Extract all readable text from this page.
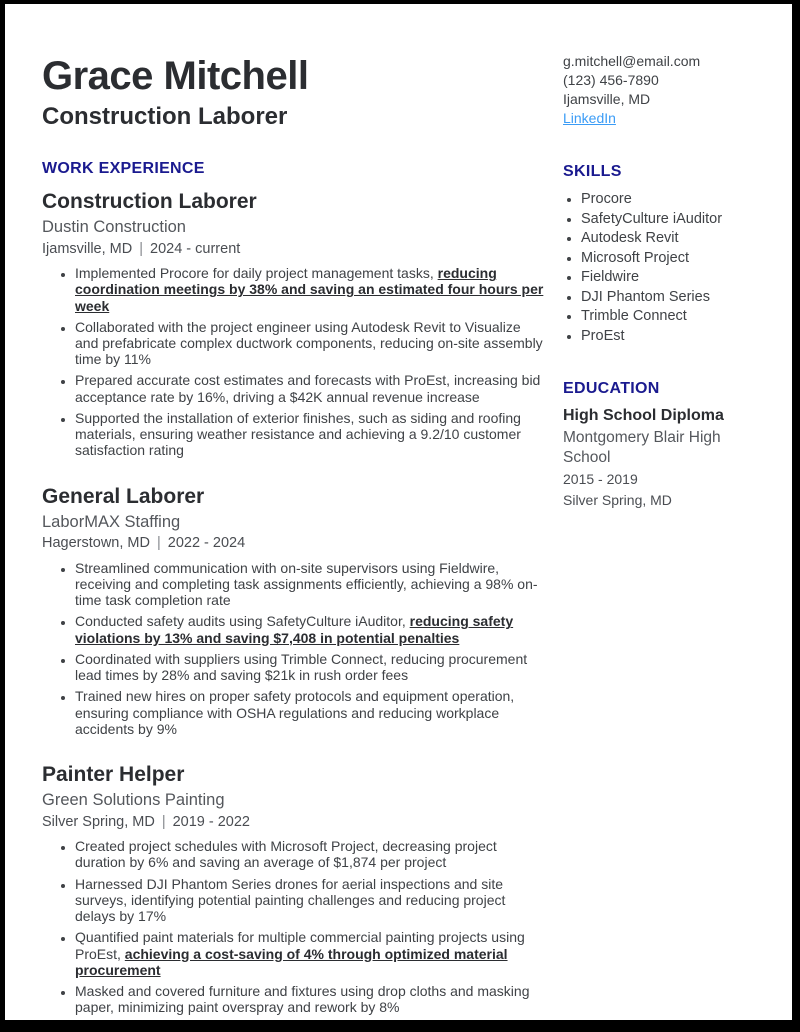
Grace Mitchell
Construction Laborer
WORK EXPERIENCE
Construction Laborer
Dustin Construction
Ijamsville, MD | 2024 - current
• Implemented Procore for daily project management tasks, reducing coordination meetings by 38% and saving an estimated four hours per week
• Collaborated with the project engineer using Autodesk Revit to Visualize and prefabricate complex ductwork components, reducing on-site assembly time by 11%
• Prepared accurate cost estimates and forecasts with ProEst, increasing bid acceptance rate by 16%, driving a $42K annual revenue increase
• Supported the installation of exterior finishes, such as siding and roofing materials, ensuring weather resistance and achieving a 9.2/10 customer satisfaction rating
General Laborer
LaborMAX Staffing
Hagerstown, MD | 2022 - 2024
• Streamlined communication with on-site supervisors using Fieldwire, receiving and completing task assignments efficiently, achieving a 98% on-time task completion rate
• Conducted safety audits using SafetyCulture iAuditor, reducing safety violations by 13% and saving $7,408 in potential penalties
• Coordinated with suppliers using Trimble Connect, reducing procurement lead times by 28% and saving $21k in rush order fees
• Trained new hires on proper safety protocols and equipment operation, ensuring compliance with OSHA regulations and reducing workplace accidents by 9%
Painter Helper
Green Solutions Painting
Silver Spring, MD | 2019 - 2022
• Created project schedules with Microsoft Project, decreasing project duration by 6% and saving an average of $1,874 per project
• Harnessed DJI Phantom Series drones for aerial inspections and site surveys, identifying potential painting challenges and reducing project delays by 17%
• Quantified paint materials for multiple commercial painting projects using ProEst, achieving a cost-saving of 4% through optimized material procurement
• Masked and covered furniture and fixtures using drop cloths and masking paper, minimizing paint overspray and rework by 8%
g.mitchell@email.com
(123) 456-7890
Ijamsville, MD
LinkedIn
SKILLS
• Procore
• SafetyCulture iAuditor
• Autodesk Revit
• Microsoft Project
• Fieldwire
• DJI Phantom Series
• Trimble Connect
• ProEst
EDUCATION
High School Diploma
Montgomery Blair High School
2015 - 2019
Silver Spring, MD
